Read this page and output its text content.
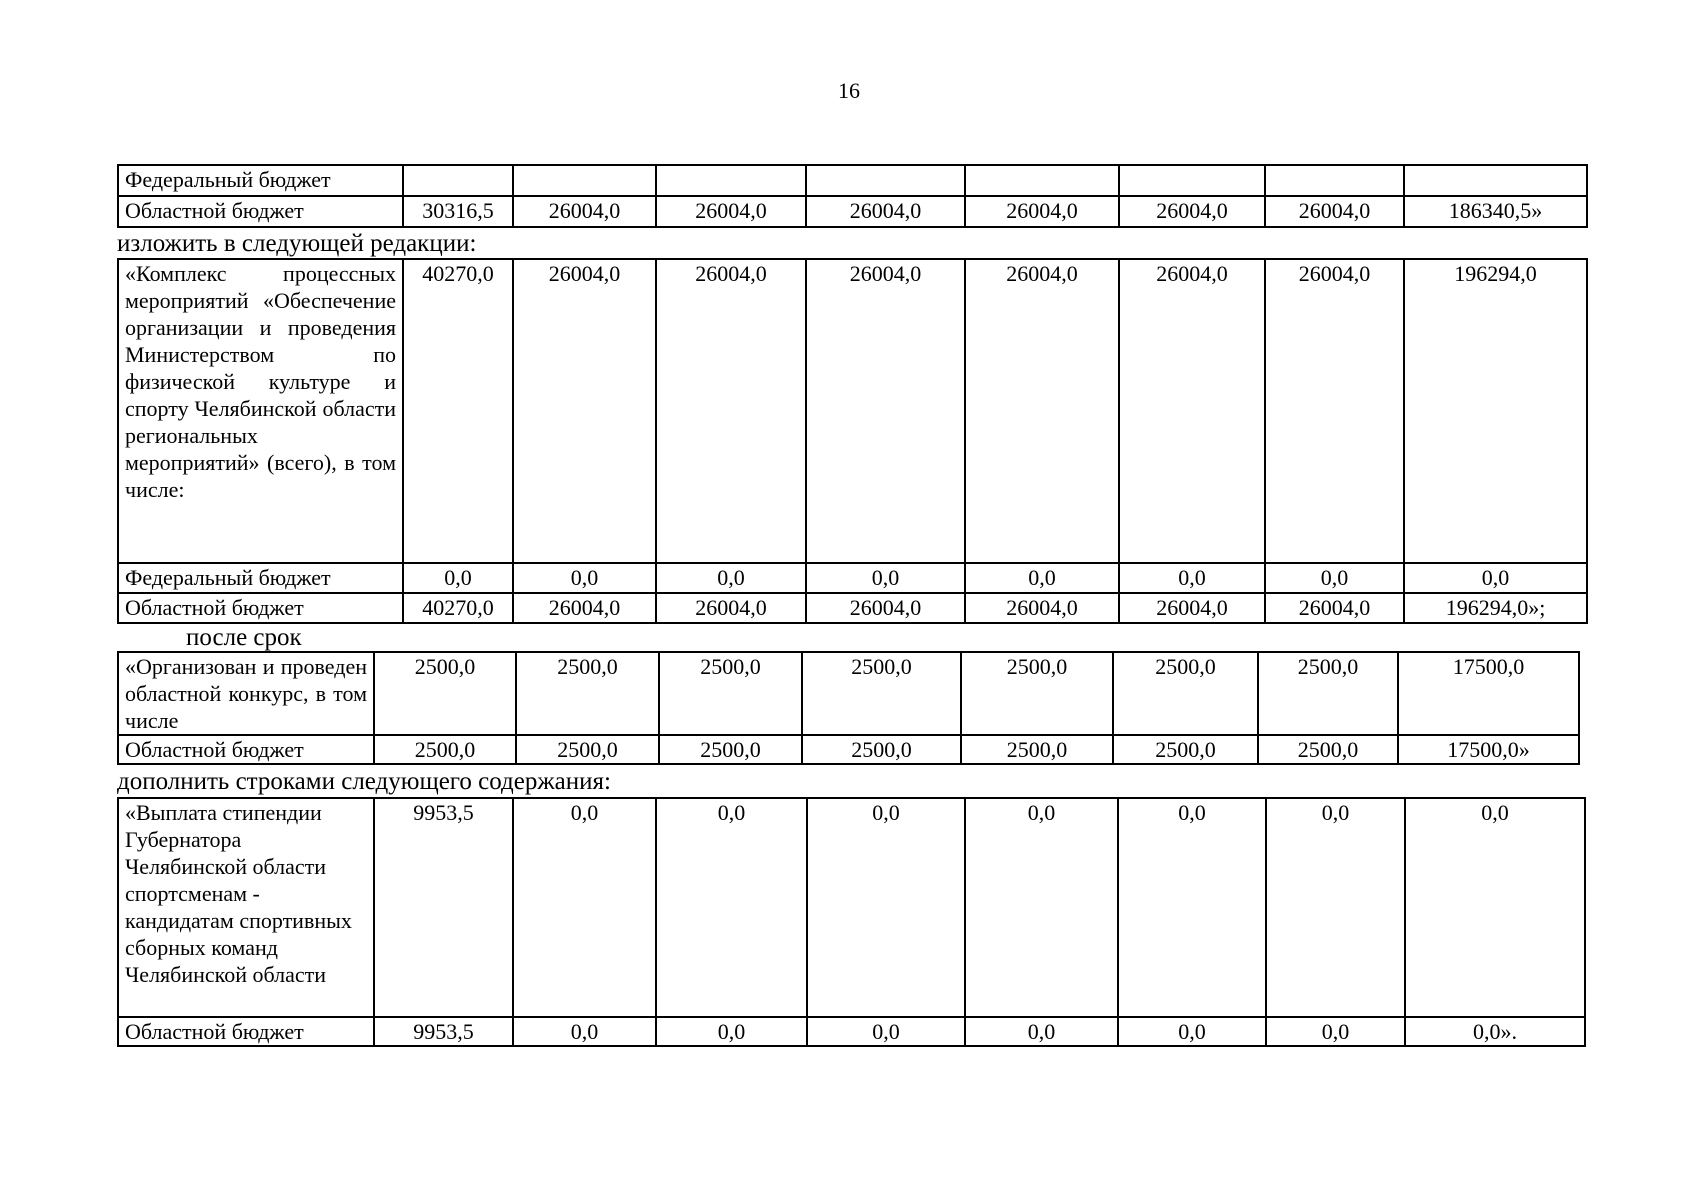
16
Федеральный бюджет								
Областной бюджет	30316,5	26004,0	26004,0	26004,0	26004,0	26004,0	26004,0	186340,5»
изложить в следующей редакции:
«Комплекс процессных мероприятий «Обеспечение организации и проведения Министерством по физической культуре и спорту Челябинской области региональных мероприятий» (всего), в том числе:	40270,0	26004,0	26004,0	26004,0	26004,0	26004,0	26004,0	196294,0
Федеральный бюджет	0,0	0,0	0,0	0,0	0,0	0,0	0,0	0,0
Областной бюджет	40270,0	26004,0	26004,0	26004,0	26004,0	26004,0	26004,0	196294,0»;
после срок
«Организован и проведен областной конкурс, в том числе	2500,0	2500,0	2500,0	2500,0	2500,0	2500,0	2500,0	17500,0
Областной бюджет	2500,0	2500,0	2500,0	2500,0	2500,0	2500,0	2500,0	17500,0»
дополнить строками следующего содержания:
«Выплата стипендии Губернатора Челябинской области спортсменам - кандидатам спортивных сборных команд Челябинской области	9953,5	0,0	0,0	0,0	0,0	0,0	0,0	0,0
Областной бюджет	9953,5	0,0	0,0	0,0	0,0	0,0	0,0	0,0».
